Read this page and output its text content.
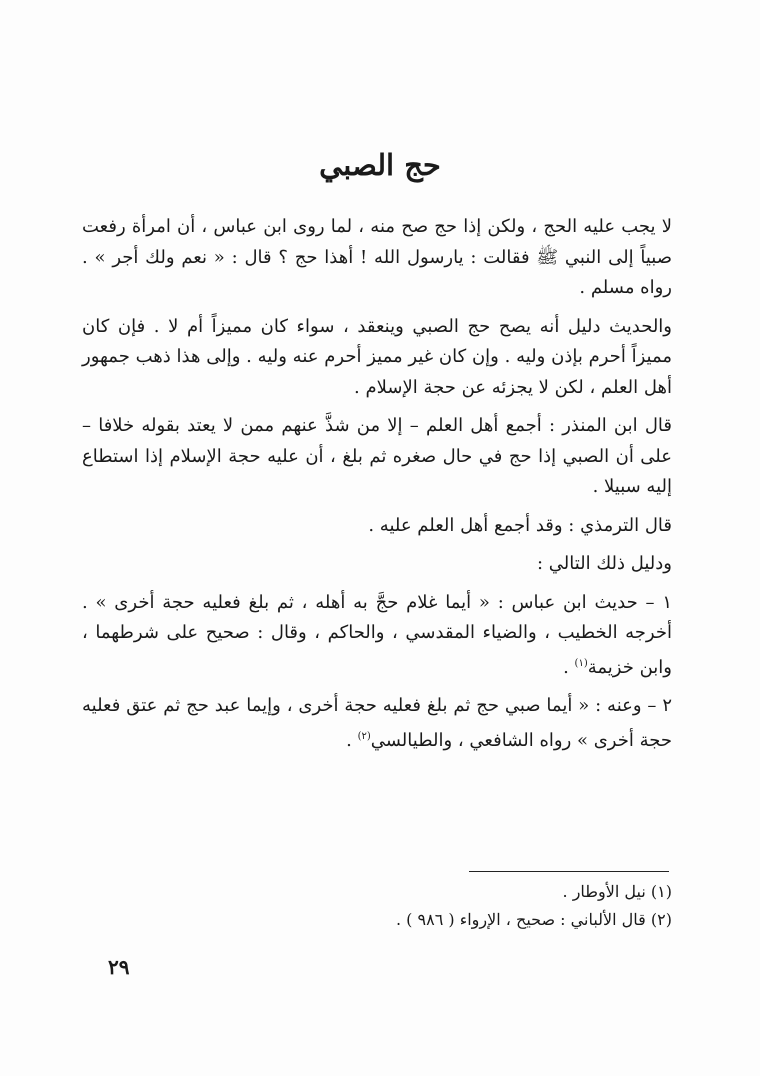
حج الصبي

لا يجب عليه الحج ، ولكن إذا حج صح منه ، لما روى ابن عباس ، أن امرأة رفعت صبياً إلى النبي ﷺ فقالت : يارسول الله ! أهذا حج ؟ قال : « نعم ولك أجر » . رواه مسلم .

والحديث دليل أنه يصح حج الصبي وينعقد ، سواء كان مميزاً أم لا . فإن كان مميزاً أحرم بإذن وليه . وإن كان غير مميز أحرم عنه وليه . وإلى هذا ذهب جمهور أهل العلم ، لكن لا يجزئه عن حجة الإسلام .

قال ابن المنذر : أجمع أهل العلم – إلا من شذَّ عنهم ممن لا يعتد بقوله خلافا – على أن الصبي إذا حج في حال صغره ثم بلغ ، أن عليه حجة الإسلام إذا استطاع إليه سبيلا .

قال الترمذي : وقد أجمع أهل العلم عليه .

ودليل ذلك التالي :

١ – حديث ابن عباس : « أيما غلام حجَّ به أهله ، ثم بلغ فعليه حجة أخرى » . أخرجه الخطيب ، والضياء المقدسي ، والحاكم ، وقال : صحيح على شرطهما ، وابن خزيمة$^{(١)}$ .

٢ – وعنه : « أيما صبي حج ثم بلغ فعليه حجة أخرى ، وإيما عبد حج ثم عتق فعليه حجة أخرى » رواه الشافعي ، والطيالسي$^{(٢)}$ .

(١) نيل الأوطار .
(٢) قال الألباني : صحيح ، الإرواء ( ٩٨٦ ) .
٢٩
